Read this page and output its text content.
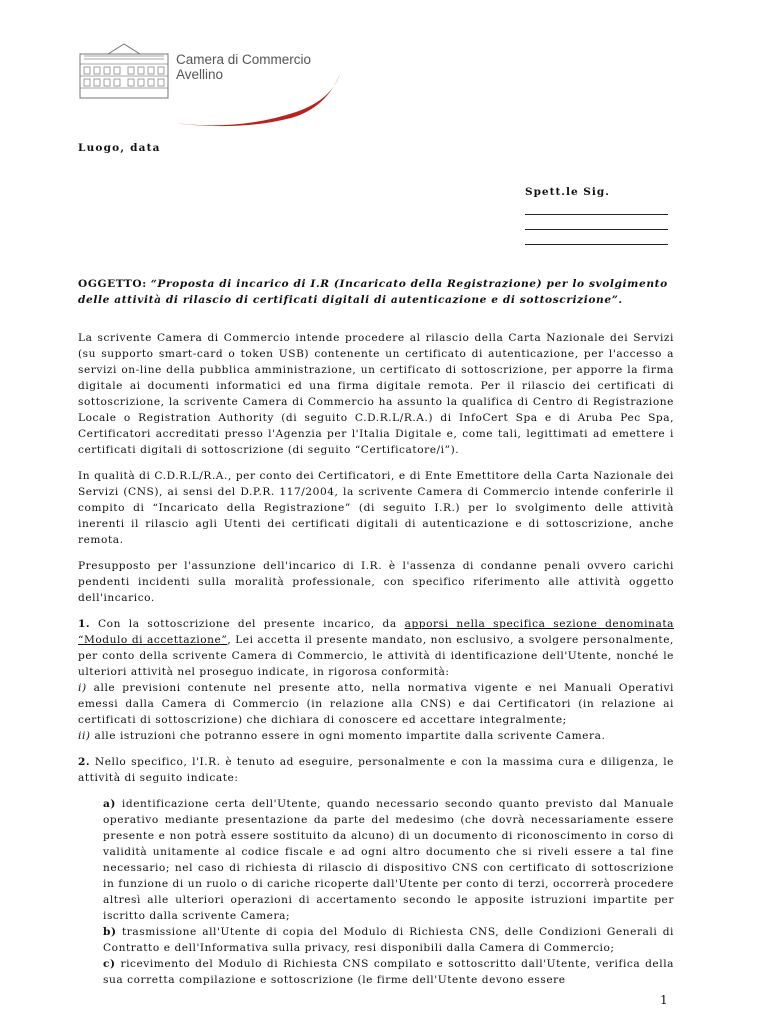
Camera di Commercio
Avellino
Luogo, data
Spett.le Sig.
OGGETTO: “Proposta di incarico di I.R (Incaricato della Registrazione) per lo svolgimento delle attività di rilascio di certificati digitali di autenticazione e di sottoscrizione”.

La scrivente Camera di Commercio intende procedere al rilascio della Carta Nazionale dei Servizi (su supporto smart-card o token USB) contenente un certificato di autenticazione, per l'accesso a servizi on-line della pubblica amministrazione, un certificato di sottoscrizione, per apporre la firma digitale ai documenti informatici ed una firma digitale remota. Per il rilascio dei certificati di sottoscrizione, la scrivente Camera di Commercio ha assunto la qualifica di Centro di Registrazione Locale o Registration Authority (di seguito C.D.R.L/R.A.) di InfoCert Spa e di Aruba Pec Spa, Certificatori accreditati presso l'Agenzia per l'Italia Digitale e, come tali, legittimati ad emettere i certificati digitali di sottoscrizione (di seguito “Certificatore/i”).

In qualità di C.D.R.L/R.A., per conto dei Certificatori, e di Ente Emettitore della Carta Nazionale dei Servizi (CNS), ai sensi del D.P.R. 117/2004, la scrivente Camera di Commercio intende conferirle il compito di “Incaricato della Registrazione” (di seguito I.R.) per lo svolgimento delle attività inerenti il rilascio agli Utenti dei certificati digitali di autenticazione e di sottoscrizione, anche remota.

Presupposto per l'assunzione dell'incarico di I.R. è l'assenza di condanne penali ovvero carichi pendenti incidenti sulla moralità professionale, con specifico riferimento alle attività oggetto dell'incarico.

1. Con la sottoscrizione del presente incarico, da apporsi nella specifica sezione denominata “Modulo di accettazione”, Lei accetta il presente mandato, non esclusivo, a svolgere personalmente, per conto della scrivente Camera di Commercio, le attività di identificazione dell'Utente, nonché le ulteriori attività nel proseguo indicate, in rigorosa conformità:
i) alle previsioni contenute nel presente atto, nella normativa vigente e nei Manuali Operativi emessi dalla Camera di Commercio (in relazione alla CNS) e dai Certificatori (in relazione ai certificati di sottoscrizione) che dichiara di conoscere ed accettare integralmente;
ii) alle istruzioni che potranno essere in ogni momento impartite dalla scrivente Camera.

2. Nello specifico, l'I.R. è tenuto ad eseguire, personalmente e con la massima cura e diligenza, le attività di seguito indicate:

a) identificazione certa dell'Utente, quando necessario secondo quanto previsto dal Manuale operativo mediante presentazione da parte del medesimo (che dovrà necessariamente essere presente e non potrà essere sostituito da alcuno) di un documento di riconoscimento in corso di validità unitamente al codice fiscale e ad ogni altro documento che si riveli essere a tal fine necessario; nel caso di richiesta di rilascio di dispositivo CNS con certificato di sottoscrizione in funzione di un ruolo o di cariche ricoperte dall'Utente per conto di terzi, occorrerà procedere altresì alle ulteriori operazioni di accertamento secondo le apposite istruzioni impartite per iscritto dalla scrivente Camera;
b) trasmissione all'Utente di copia del Modulo di Richiesta CNS, delle Condizioni Generali di Contratto e dell'Informativa sulla privacy, resi disponibili dalla Camera di Commercio;
c) ricevimento del Modulo di Richiesta CNS compilato e sottoscritto dall'Utente, verifica della sua corretta compilazione e sottoscrizione (le firme dell'Utente devono essere
1
